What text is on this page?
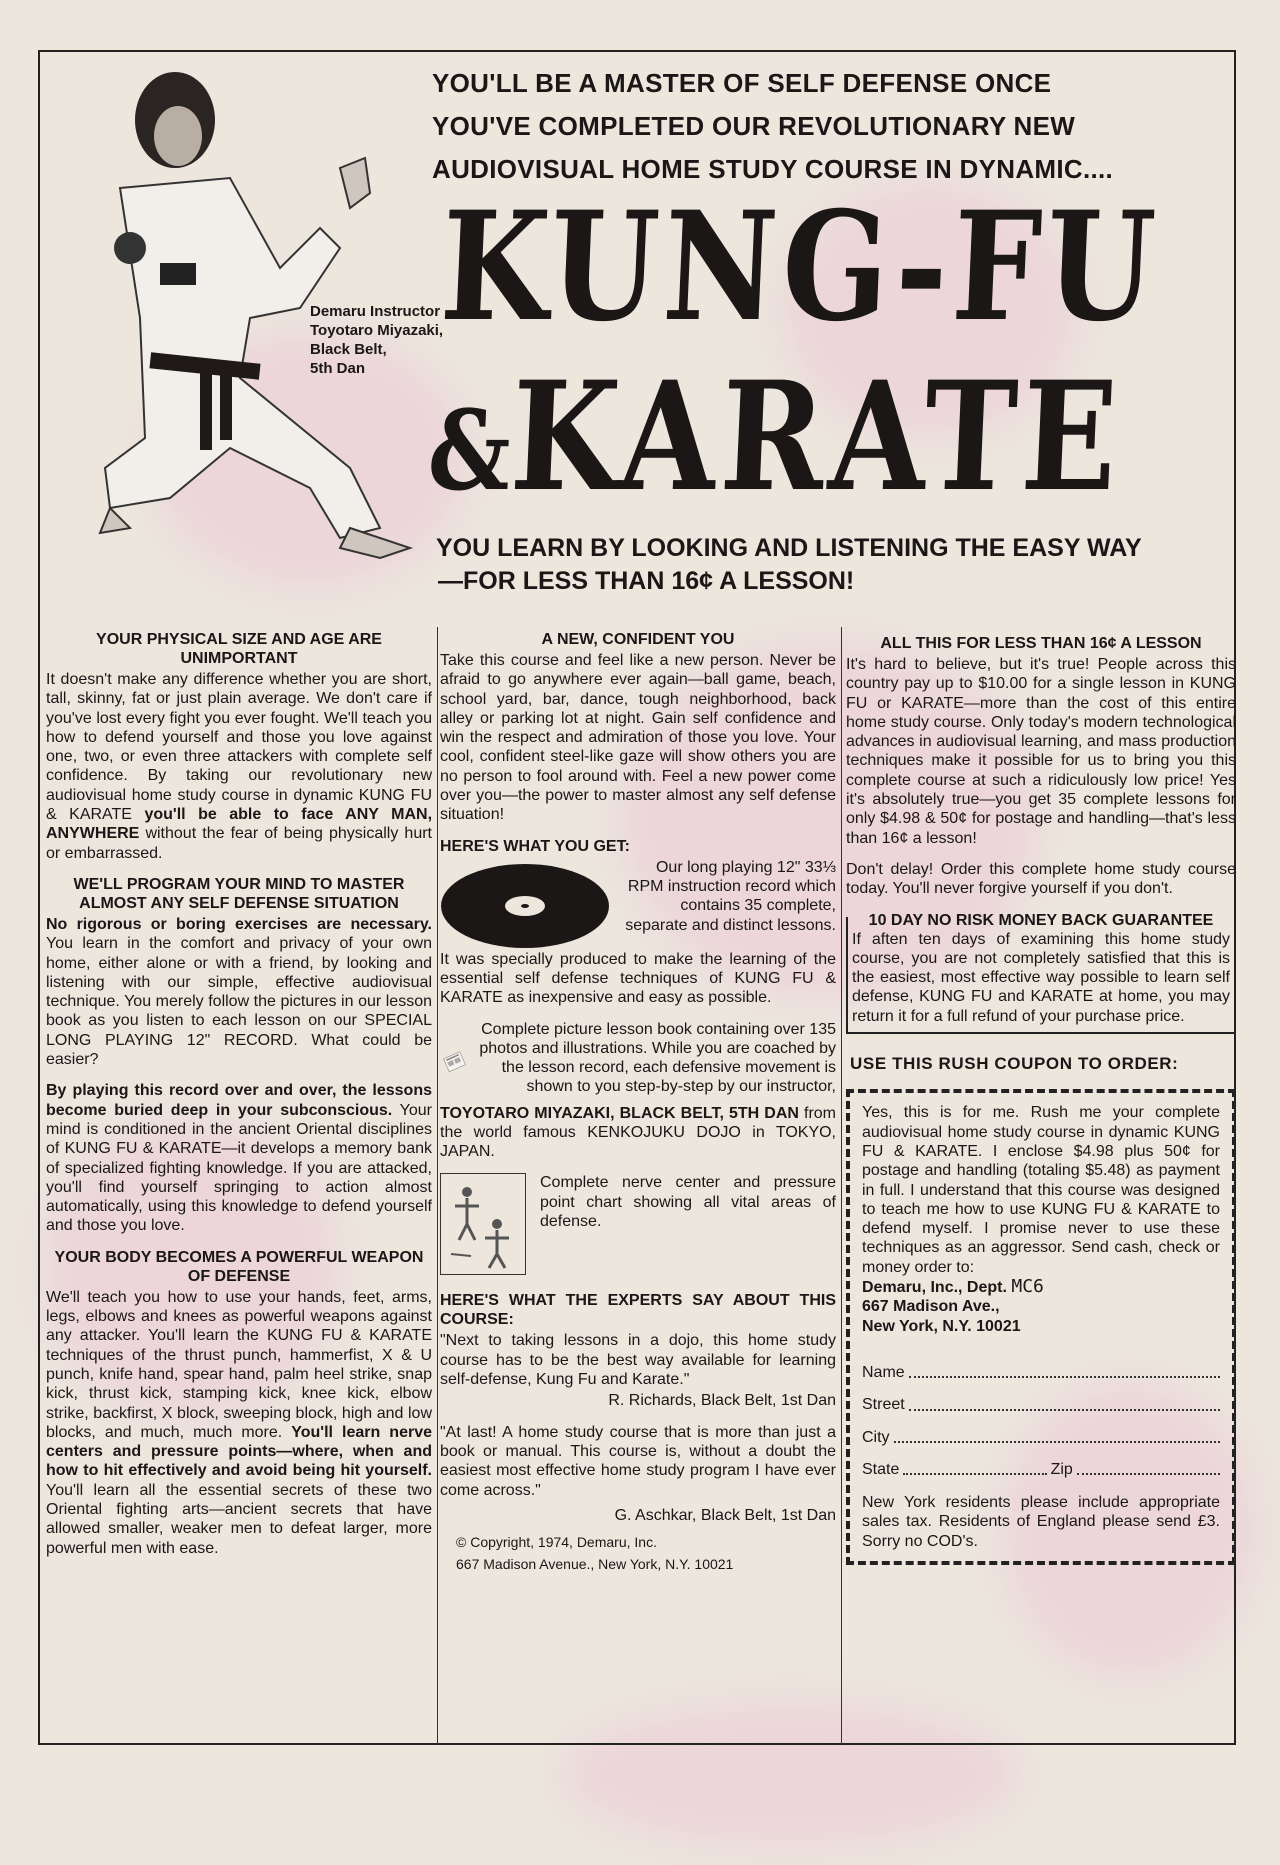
YOU'LL BE A MASTER OF SELF DEFENSE ONCE
YOU'VE COMPLETED OUR REVOLUTIONARY NEW
AUDIOVISUAL HOME STUDY COURSE IN DYNAMIC....
Demaru Instructor
Toyotaro Miyazaki,
Black Belt,
5th Dan
KUNG-FU
&KARATE
YOU LEARN BY LOOKING AND LISTENING THE EASY WAY
—FOR LESS THAN 16¢ A LESSON!
YOUR PHYSICAL SIZE AND AGE ARE UNIMPORTANT

It doesn't make any difference whether you are short, tall, skinny, fat or just plain average. We don't care if you've lost every fight you ever fought. We'll teach you how to defend yourself and those you love against one, two, or even three attackers with complete self confidence. By taking our revolutionary new audiovisual home study course in dynamic KUNG FU & KARATE you'll be able to face ANY MAN, ANYWHERE without the fear of being physically hurt or embarrassed.

WE'LL PROGRAM YOUR MIND TO MASTER ALMOST ANY SELF DEFENSE SITUATION

No rigorous or boring exercises are necessary. You learn in the comfort and privacy of your own home, either alone or with a friend, by looking and listening with our simple, effective audiovisual technique. You merely follow the pictures in our lesson book as you listen to each lesson on our SPECIAL LONG PLAYING 12" RECORD. What could be easier?

By playing this record over and over, the lessons become buried deep in your subconscious. Your mind is conditioned in the ancient Oriental disciplines of KUNG FU & KARATE—it develops a memory bank of specialized fighting knowledge. If you are attacked, you'll find yourself springing to action almost automatically, using this knowledge to defend yourself and those you love.

YOUR BODY BECOMES A POWERFUL WEAPON OF DEFENSE

We'll teach you how to use your hands, feet, arms, legs, elbows and knees as powerful weapons against any attacker. You'll learn the KUNG FU & KARATE techniques of the thrust punch, hammerfist, X & U punch, knife hand, spear hand, palm heel strike, snap kick, thrust kick, stamping kick, knee kick, elbow strike, backfirst, X block, sweeping block, high and low blocks, and much, much more. You'll learn nerve centers and pressure points—where, when and how to hit effectively and avoid being hit yourself. You'll learn all the essential secrets of these two Oriental fighting arts—ancient secrets that have allowed smaller, weaker men to defeat larger, more powerful men with ease.

A NEW, CONFIDENT YOU

Take this course and feel like a new person. Never be afraid to go anywhere ever again—ball game, beach, school yard, bar, dance, tough neighborhood, back alley or parking lot at night. Gain self confidence and win the respect and admiration of those you love. Your cool, confident steel-like gaze will show others you are no person to fool around with. Feel a new power come over you—the power to master almost any self defense situation!

HERE'S WHAT YOU GET:
Our long playing 12" 33⅓ RPM instruction record which contains 35 complete, separate and distinct lessons.

It was specially produced to make the learning of the essential self defense techniques of KUNG FU & KARATE as inexpensive and easy as possible.

Complete picture lesson book containing over 135 photos and illustrations. While you are coached by the lesson record, each defensive movement is shown to you step-by-step by our instructor,

TOYOTARO MIYAZAKI, BLACK BELT, 5TH DAN from the world famous KENKOJUKU DOJO in TOKYO, JAPAN.

Complete nerve center and pressure point chart showing all vital areas of defense.
HERE'S WHAT THE EXPERTS SAY ABOUT THIS COURSE:

"Next to taking lessons in a dojo, this home study course has to be the best way available for learning self-defense, Kung Fu and Karate."

R. Richards, Black Belt, 1st Dan

"At last! A home study course that is more than just a book or manual. This course is, without a doubt the easiest most effective home study program I have ever come across."

G. Aschkar, Black Belt, 1st Dan

© Copyright, 1974, Demaru, Inc.
667 Madison Avenue., New York, N.Y. 10021
ALL THIS FOR LESS THAN 16¢ A LESSON

It's hard to believe, but it's true! People across this country pay up to $10.00 for a single lesson in KUNG FU or KARATE—more than the cost of this entire home study course. Only today's modern technological advances in audiovisual learning, and mass production techniques make it possible for us to bring you this complete course at such a ridiculously low price! Yes it's absolutely true—you get 35 complete lessons for only $4.98 & 50¢ for postage and handling—that's less than 16¢ a lesson!

Don't delay! Order this complete home study course today. You'll never forgive yourself if you don't.

10 DAY NO RISK MONEY BACK GUARANTEE
If aften ten days of examining this home study course, you are not completely satisfied that this is the easiest, most effective way possible to learn self defense, KUNG FU and KARATE at home, you may return it for a full refund of your purchase price.
USE THIS RUSH COUPON TO ORDER:
Yes, this is for me. Rush me your complete audiovisual home study course in dynamic KUNG FU & KARATE. I enclose $4.98 plus 50¢ for postage and handling (totaling $5.48) as payment in full. I understand that this course was designed to teach me how to use KUNG FU & KARATE to defend myself. I promise never to use these techniques as an aggressor. Send cash, check or money order to:
Demaru, Inc., Dept. MC6
667 Madison Ave.,
New York, N.Y. 10021
Name
Street
City
State	Zip
New York residents please include appropriate sales tax. Residents of England please send £3. Sorry no COD's.
